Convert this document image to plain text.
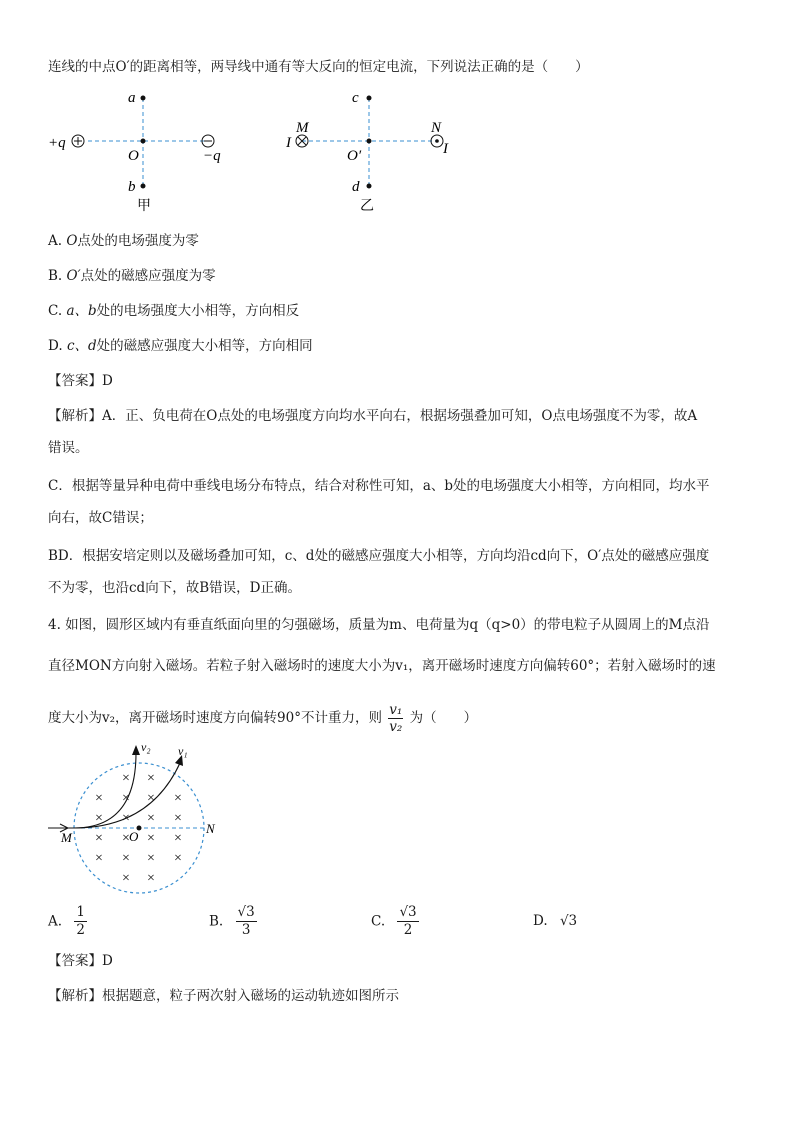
连线的中点O′的距离相等，两导线中通有等大反向的恒定电流，下列说法正确的是（　　）
a
O
b
+q
−q
甲
c
O′
d
M	N
I	I
乙
A. O点处的电场强度为零
B. O′点处的磁感应强度为零
C. a、b处的电场强度大小相等，方向相反
D. c、d处的磁感应强度大小相等，方向相同
【答案】D
【解析】A．正、负电荷在O点处的电场强度方向均水平向右，根据场强叠加可知，O点电场强度不为零，故A
错误。
C．根据等量异种电荷中垂线电场分布特点，结合对称性可知，a、b处的电场强度大小相等，方向相同，均水平
向右，故C错误；
BD．根据安培定则以及磁场叠加可知，c、d处的磁感应强度大小相等，方向均沿cd向下，O′点处的磁感应强度
不为零，也沿cd向下，故B错误，D正确。
4. 如图，圆形区域内有垂直纸面向里的匀强磁场，质量为m、电荷量为q（q>0）的带电粒子从圆周上的M点沿
直径MON方向射入磁场。若粒子射入磁场时的速度大小为v₁，离开磁场时速度方向偏转60°；若射入磁场时的速
度大小为v₂，离开磁场时速度方向偏转90°不计重力，则 $\frac{\text{v₁}}{\text{v₂}}$ 为（　　）
v₂ v₁
M
N
O
× ×
× × × ×
× × × ×
× × × ×
× × × ×
× ×
A. $\frac{1}{2}$	B. $\frac{√3}{3}$	C. $\frac{√3}{2}$	D. √3
【答案】D
【解析】根据题意，粒子两次射入磁场的运动轨迹如图所示
